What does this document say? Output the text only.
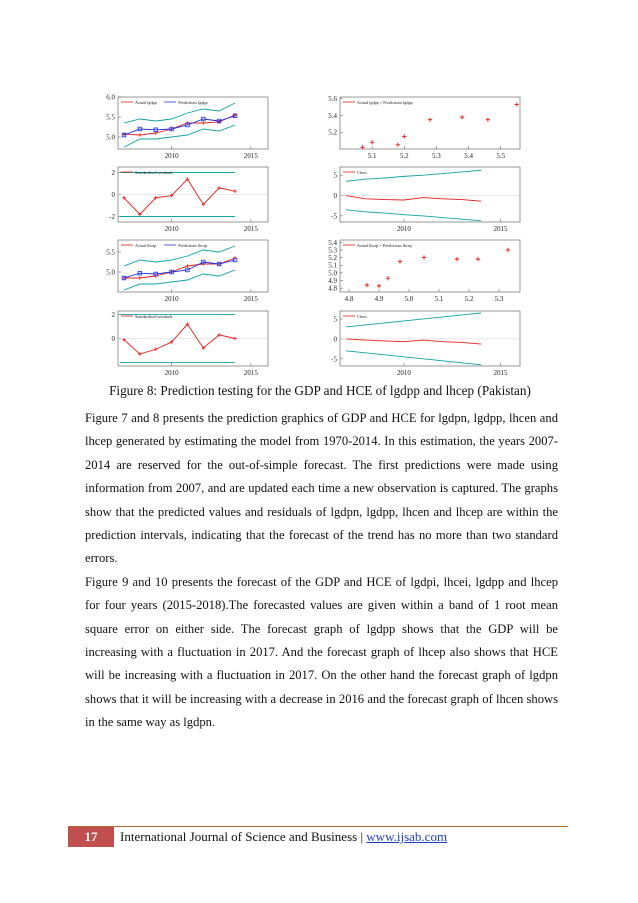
5.0
5.5
6.0
2010	2015
Actual lgdpp	Predictions lgdpp
5.2
5.4
5.6
5.1	5.2	5.3	5.4	5.5
Actual lgdpp × Predictions lgdpp
-2
0
2
2010	2015
Standardised residuals
-5
0
5
2010	2015
Chow
5.0
5.5
2010	2015
Actual lhcep	Predictions lhcep
4.8
4.9
5.0
5.1
5.2
5.3
5.4
4.8	4.9	5.0	5.1	5.2	5.3
Actual lhcep × Predictions lhcep
0
2
2010	2015
Standardised residuals
-5
0
5
2010	2015
Chow
Figure 8: Prediction testing for the GDP and HCE of lgdpp and lhcep (Pakistan)

Figure 7 and 8 presents the prediction graphics of GDP and HCE for lgdpn, lgdpp, lhcen and lhcep generated by estimating the model from 1970-2014. In this estimation, the years 2007-2014 are reserved for the out-of-simple forecast. The first predictions were made using information from 2007, and are updated each time a new observation is captured. The graphs show that the predicted values and residuals of lgdpn, lgdpp, lhcen and lhcep are within the prediction intervals, indicating that the forecast of the trend has no more than two standard errors.

Figure 9 and 10 presents the forecast of the GDP and HCE of lgdpi, lhcei, lgdpp and lhcep for four years (2015-2018).The forecasted values are given within a band of 1 root mean square error on either side. The forecast graph of lgdpp shows that the GDP will be increasing with a fluctuation in 2017. And the forecast graph of lhcep also shows that HCE will be increasing with a fluctuation in 2017. On the other hand the forecast graph of lgdpn shows that it will be increasing with a decrease in 2016 and the forecast graph of lhcen shows in the same way as lgdpn.

17	International Journal of Science and Business | www.ijsab.com
